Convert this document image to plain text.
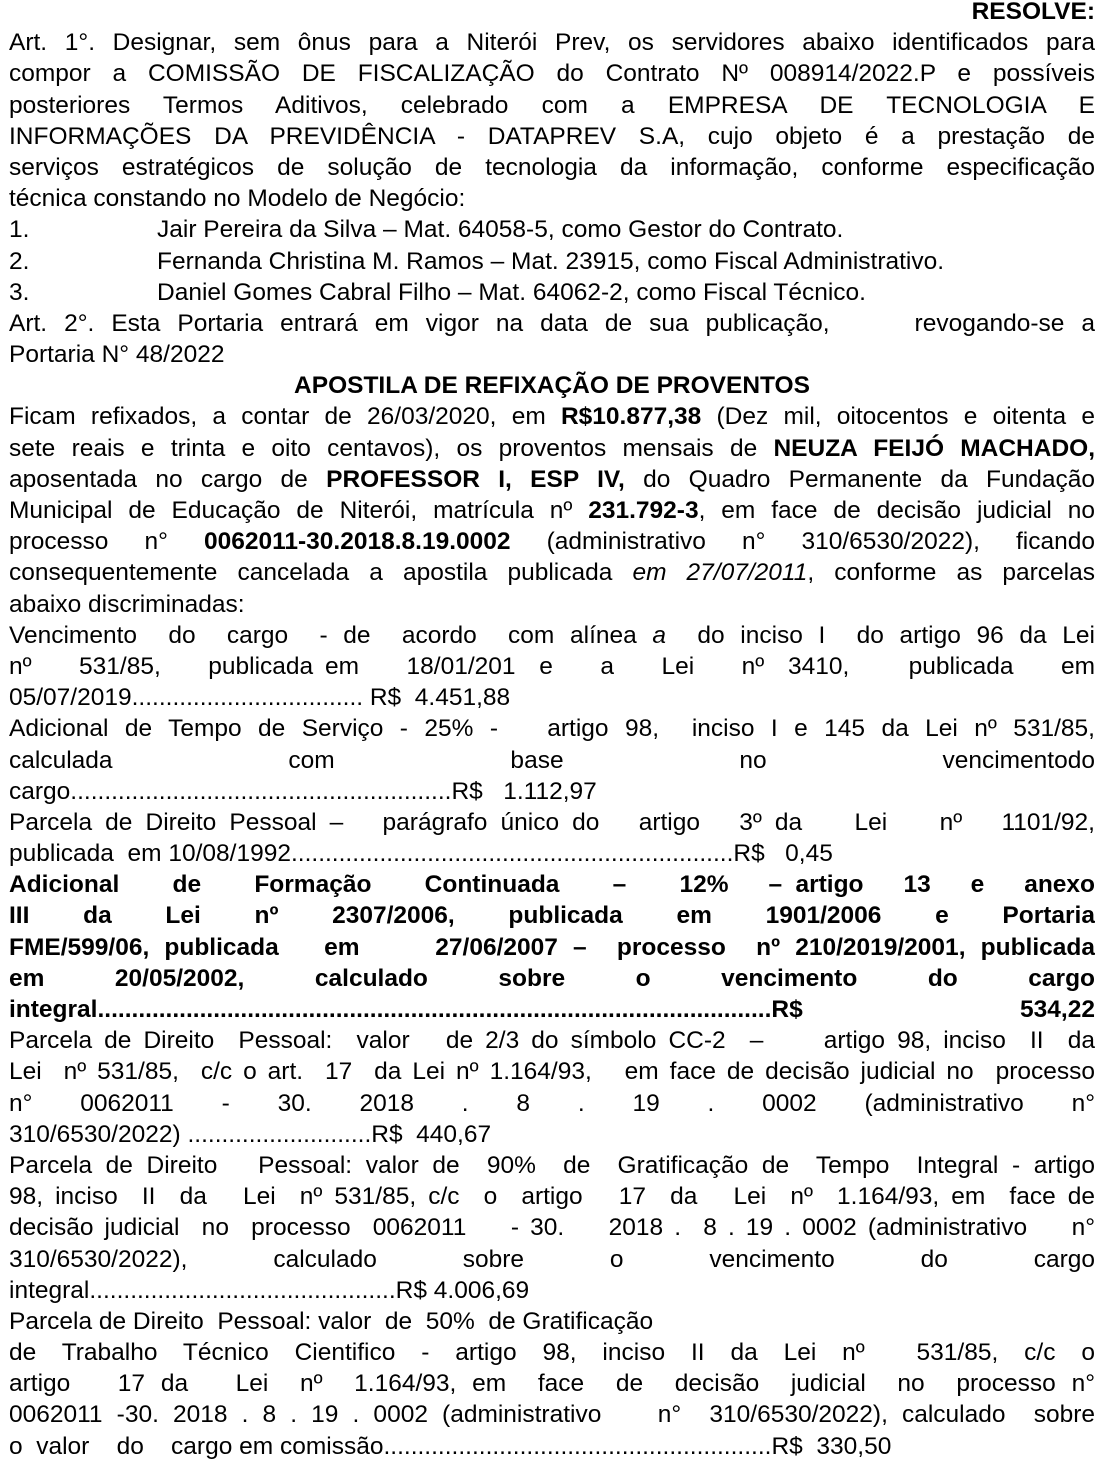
RESOLVE:
Art. 1°. Designar, sem ônus para a Niterói Prev, os servidores abaixo identificados para
compor a COMISSÃO DE FISCALIZAÇÃO do Contrato Nº 008914/2022.P e possíveis
posteriores Termos Aditivos, celebrado com a EMPRESA DE TECNOLOGIA E
INFORMAÇÕES DA PREVIDÊNCIA - DATAPREV S.A, cujo objeto é a prestação de
serviços estratégicos de solução de tecnologia da informação, conforme especificação
técnica constando no Modelo de Negócio:
1.	Jair Pereira da Silva – Mat. 64058-5, como Gestor do Contrato.
2.	Fernanda Christina M. Ramos – Mat. 23915, como Fiscal Administrativo.
3.	Daniel Gomes Cabral Filho – Mat. 64062-2, como Fiscal Técnico.
Art. 2°. Esta Portaria entrará em vigor na data de sua publicação,     revogando-se a
Portaria N° 48/2022
APOSTILA DE REFIXAÇÃO DE PROVENTOS
Ficam refixados, a contar de 26/03/2020, em R$10.877,38 (Dez mil, oitocentos e oitenta e
sete reais e trinta e oito centavos), os proventos mensais de NEUZA FEIJÓ MACHADO,
aposentada no cargo de PROFESSOR I, ESP IV, do Quadro Permanente da Fundação
Municipal de Educação de Niterói, matrícula nº 231.792-3, em face de decisão judicial no
processo  n°  0062011-30.2018.8.19.0002  (administrativo  n°  310/6530/2022),  ficando
consequentemente cancelada a apostila publicada em 27/07/2011, conforme as parcelas
abaixo discriminadas:
Vencimento  do  cargo  - de  acordo  com alínea a  do inciso I  do artigo 96 da Lei
nº    531/85,    publicada em    18/01/201  e    a    Lei    nº  3410,     publicada    em
05/07/2019.................................. R$  4.451,88
Adicional de Tempo de Serviço - 25% -   artigo 98,  inciso I e 145 da Lei nº 531/85,
calculada   com   base   no   vencimentodo
cargo........................................................R$   1.112,97
Parcela de Direito Pessoal –   parágrafo único do   artigo   3º da    Lei    nº   1101/92,
publicada  em 10/08/1992.................................................................R$   0,45
Adicional    de    Formação    Continuada    –    12%   – artigo   13   e   anexo
III   da   Lei   nº   2307/2006,   publicada   em   1901/2006   e   Portaria
FME/599/06, publicada   em     27/06/2007 –  processo  nº 210/2019/2001, publicada
em   20/05/2002,   calculado   sobre   o   vencimento   do   cargo
integral...................................................................................................R$  534,22
Parcela de Direito  Pessoal:  valor   de 2/3 do símbolo CC-2  –     artigo 98, inciso  II  da
Lei  nº 531/85,  c/c o art.  17  da Lei nº 1.164/93,   em face de decisão judicial no  processo
n°   0062011   -   30.   2018   .   8   .   19   .   0002   (administrativo   n°
310/6530/2022) ...........................R$  440,67
Parcela de Direito   Pessoal: valor de  90%  de  Gratificação de  Tempo  Integral - artigo
98, inciso  II  da   Lei  nº 531/85, c/c  o  artigo   17  da   Lei  nº  1.164/93, em  face de
decisão judicial  no  processo  0062011    - 30.    2018 .  8 . 19 . 0002 (administrativo    n°
310/6530/2022),   calculado   sobre   o   vencimento   do   cargo
integral.............................................R$ 4.006,69
Parcela de Direito  Pessoal: valor  de  50%  de Gratificação
de Trabalho Técnico Cientifico - artigo 98, inciso II da Lei nº  531/85, c/c o
artigo   17 da   Lei  nº  1.164/93, em  face  de  decisão  judicial  no  processo n°
0062011 -30. 2018 . 8 . 19 . 0002 (administrativo    n°  310/6530/2022), calculado  sobre
o  valor    do    cargo em comissão.........................................................R$  330,50
